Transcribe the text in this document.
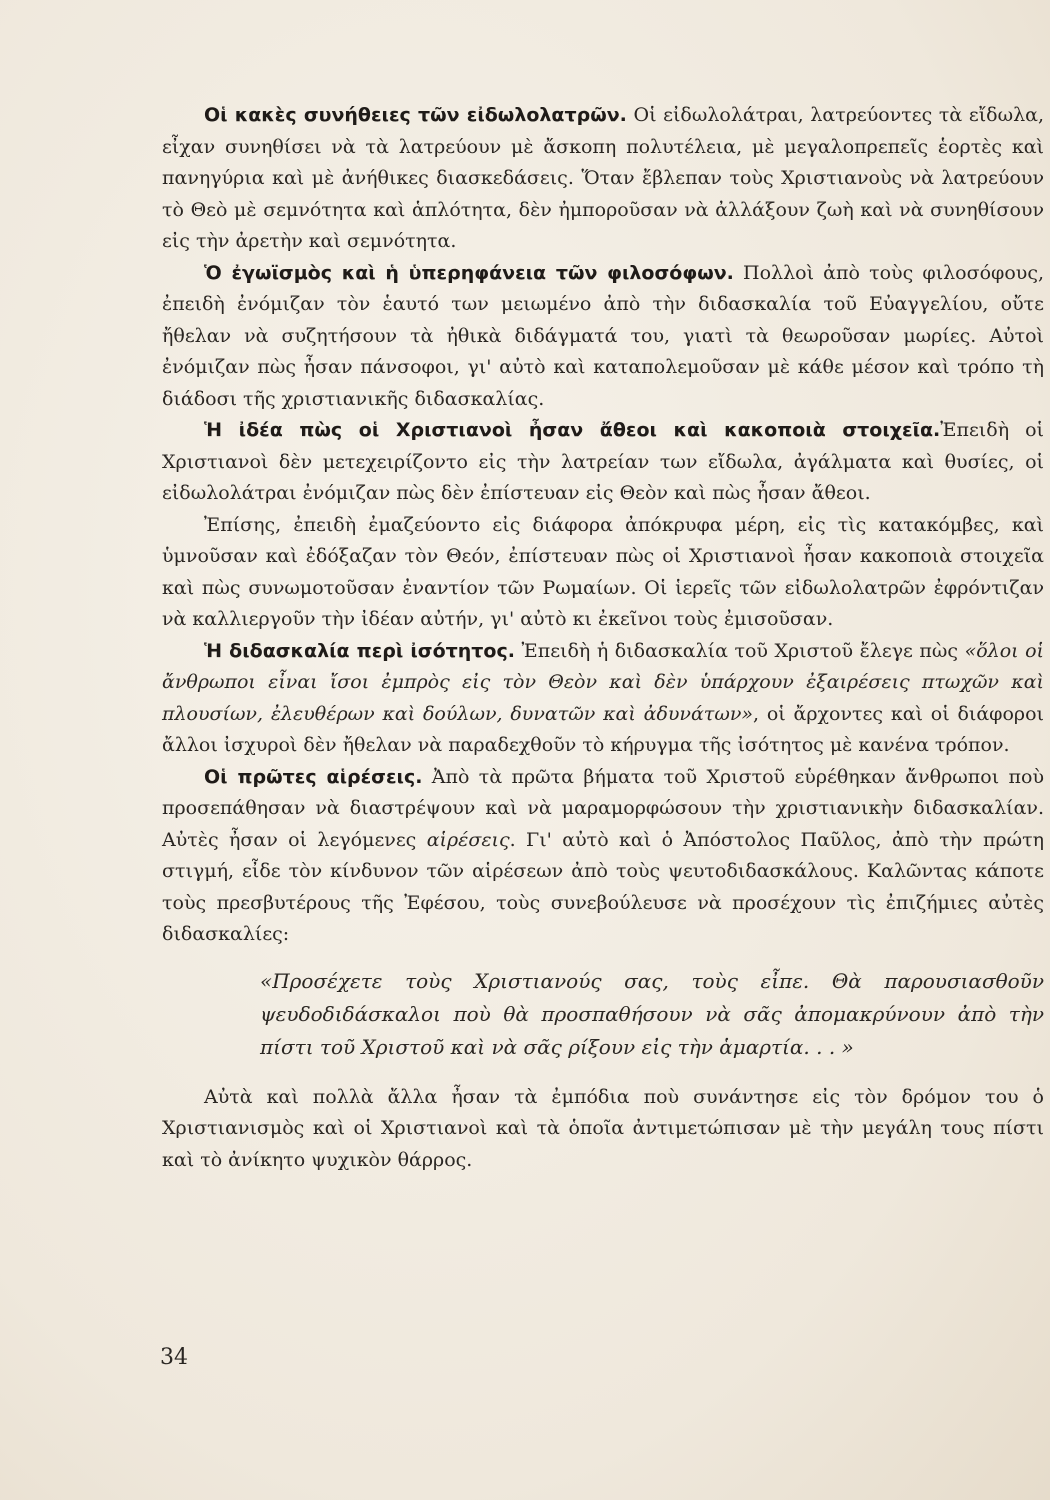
Οἱ κακὲς συνήθειες τῶν εἰδωλολατρῶν. Οἱ εἰδωλολάτραι, λατρεύοντες τὰ εἴδωλα, εἶχαν συνηθίσει νὰ τὰ λατρεύουν μὲ ἄσκοπη πολυτέλεια, μὲ μεγαλοπρεπεῖς ἑορτὲς καὶ πανηγύρια καὶ μὲ ἀνήθικες διασκεδάσεις. Ὅταν ἔβλεπαν τοὺς Χριστιανοὺς νὰ λατρεύουν τὸ Θεὸ μὲ σεμνότητα καὶ ἁπλότητα, δὲν ἠμποροῦσαν νὰ ἀλλάξουν ζωὴ καὶ νὰ συνηθίσουν εἰς τὴν ἀρετὴν καὶ σεμνότητα.

Ὁ ἐγωϊσμὸς καὶ ἡ ὑπερηφάνεια τῶν φιλοσόφων. Πολλοὶ ἀπὸ τοὺς φιλοσόφους, ἐπειδὴ ἐνόμιζαν τὸν ἑαυτό των μειωμένο ἀπὸ τὴν διδασκαλία τοῦ Εὐαγγελίου, οὔτε ἤθελαν νὰ συζητήσουν τὰ ἠθικὰ διδάγματά του, γιατὶ τὰ θεωροῦσαν μωρίες. Αὐτοὶ ἐνόμιζαν πὼς ἦσαν πάνσοφοι, γι' αὐτὸ καὶ καταπολεμοῦσαν μὲ κάθε μέσον καὶ τρόπο τὴ διάδοσι τῆς χριστιανικῆς διδασκαλίας.

Ἡ ἰδέα πὼς οἱ Χριστιανοὶ ἦσαν ἄθεοι καὶ κακοποιὰ στοιχεῖα.Ἐπειδὴ οἱ Χριστιανοὶ δὲν μετεχειρίζοντο εἰς τὴν λατρείαν των εἴδωλα, ἀγάλματα καὶ θυσίες, οἱ εἰδωλολάτραι ἐνόμιζαν πὼς δὲν ἐπίστευαν εἰς Θεὸν καὶ πὼς ἦσαν ἄθεοι.

Ἐπίσης, ἐπειδὴ ἐμαζεύοντο εἰς διάφορα ἀπόκρυφα μέρη, εἰς τὶς κατακόμβες, καὶ ὑμνοῦσαν καὶ ἐδόξαζαν τὸν Θεόν, ἐπίστευαν πὼς οἱ Χριστιανοὶ ἦσαν κακοποιὰ στοιχεῖα καὶ πὼς συνωμοτοῦσαν ἐναντίον τῶν Ρωμαίων. Οἱ ἱερεῖς τῶν εἰδωλολατρῶν ἐφρόντιζαν νὰ καλλιεργοῦν τὴν ἰδέαν αὐτήν, γι' αὐτὸ κι ἐκεῖνοι τοὺς ἐμισοῦσαν.

Ἡ διδασκαλία περὶ ἰσότητος. Ἐπειδὴ ἡ διδασκαλία τοῦ Χριστοῦ ἔλεγε πὼς «ὅλοι οἱ ἄνθρωποι εἶναι ἴσοι ἐμπρὸς εἰς τὸν Θεὸν καὶ δὲν ὑπάρχουν ἐξαιρέσεις πτωχῶν καὶ πλουσίων, ἐλευθέρων καὶ δούλων, δυνατῶν καὶ ἀδυνάτων», οἱ ἄρχοντες καὶ οἱ διάφοροι ἄλλοι ἰσχυροὶ δὲν ἤθελαν νὰ παραδεχθοῦν τὸ κήρυγμα τῆς ἰσότητος μὲ κανένα τρόπον.

Οἱ πρῶτες αἱρέσεις. Ἀπὸ τὰ πρῶτα βήματα τοῦ Χριστοῦ εὑρέθηκαν ἄνθρωποι ποὺ προσεπάθησαν νὰ διαστρέψουν καὶ νὰ μαραμορφώσουν τὴν χριστιανικὴν διδασκαλίαν. Αὐτὲς ἦσαν οἱ λεγόμενες αἱρέσεις. Γι' αὐτὸ καὶ ὁ Ἀπόστολος Παῦλος, ἀπὸ τὴν πρώτη στιγμή, εἶδε τὸν κίνδυνον τῶν αἱρέσεων ἀπὸ τοὺς ψευτοδιδασκάλους. Καλῶντας κάποτε τοὺς πρεσβυτέρους τῆς Ἐφέσου, τοὺς συνεβούλευσε νὰ προσέχουν τὶς ἐπιζήμιες αὐτὲς διδασκαλίες:

«Προσέχετε τοὺς Χριστιανούς σας, τοὺς εἶπε. Θὰ παρουσιασθοῦν ψευδοδιδάσκαλοι ποὺ θὰ προσπαθήσουν νὰ σᾶς ἀπομακρύνουν ἀπὸ τὴν πίστι τοῦ Χριστοῦ καὶ νὰ σᾶς ρίξουν εἰς τὴν ἁμαρτία. . . »

Αὐτὰ καὶ πολλὰ ἄλλα ἦσαν τὰ ἐμπόδια ποὺ συνάντησε εἰς τὸν δρόμον του ὁ Χριστιανισμὸς καὶ οἱ Χριστιανοὶ καὶ τὰ ὁποῖα ἀντιμετώπισαν μὲ τὴν μεγάλη τους πίστι καὶ τὸ ἀνίκητο ψυχικὸν θάρρος.

34
